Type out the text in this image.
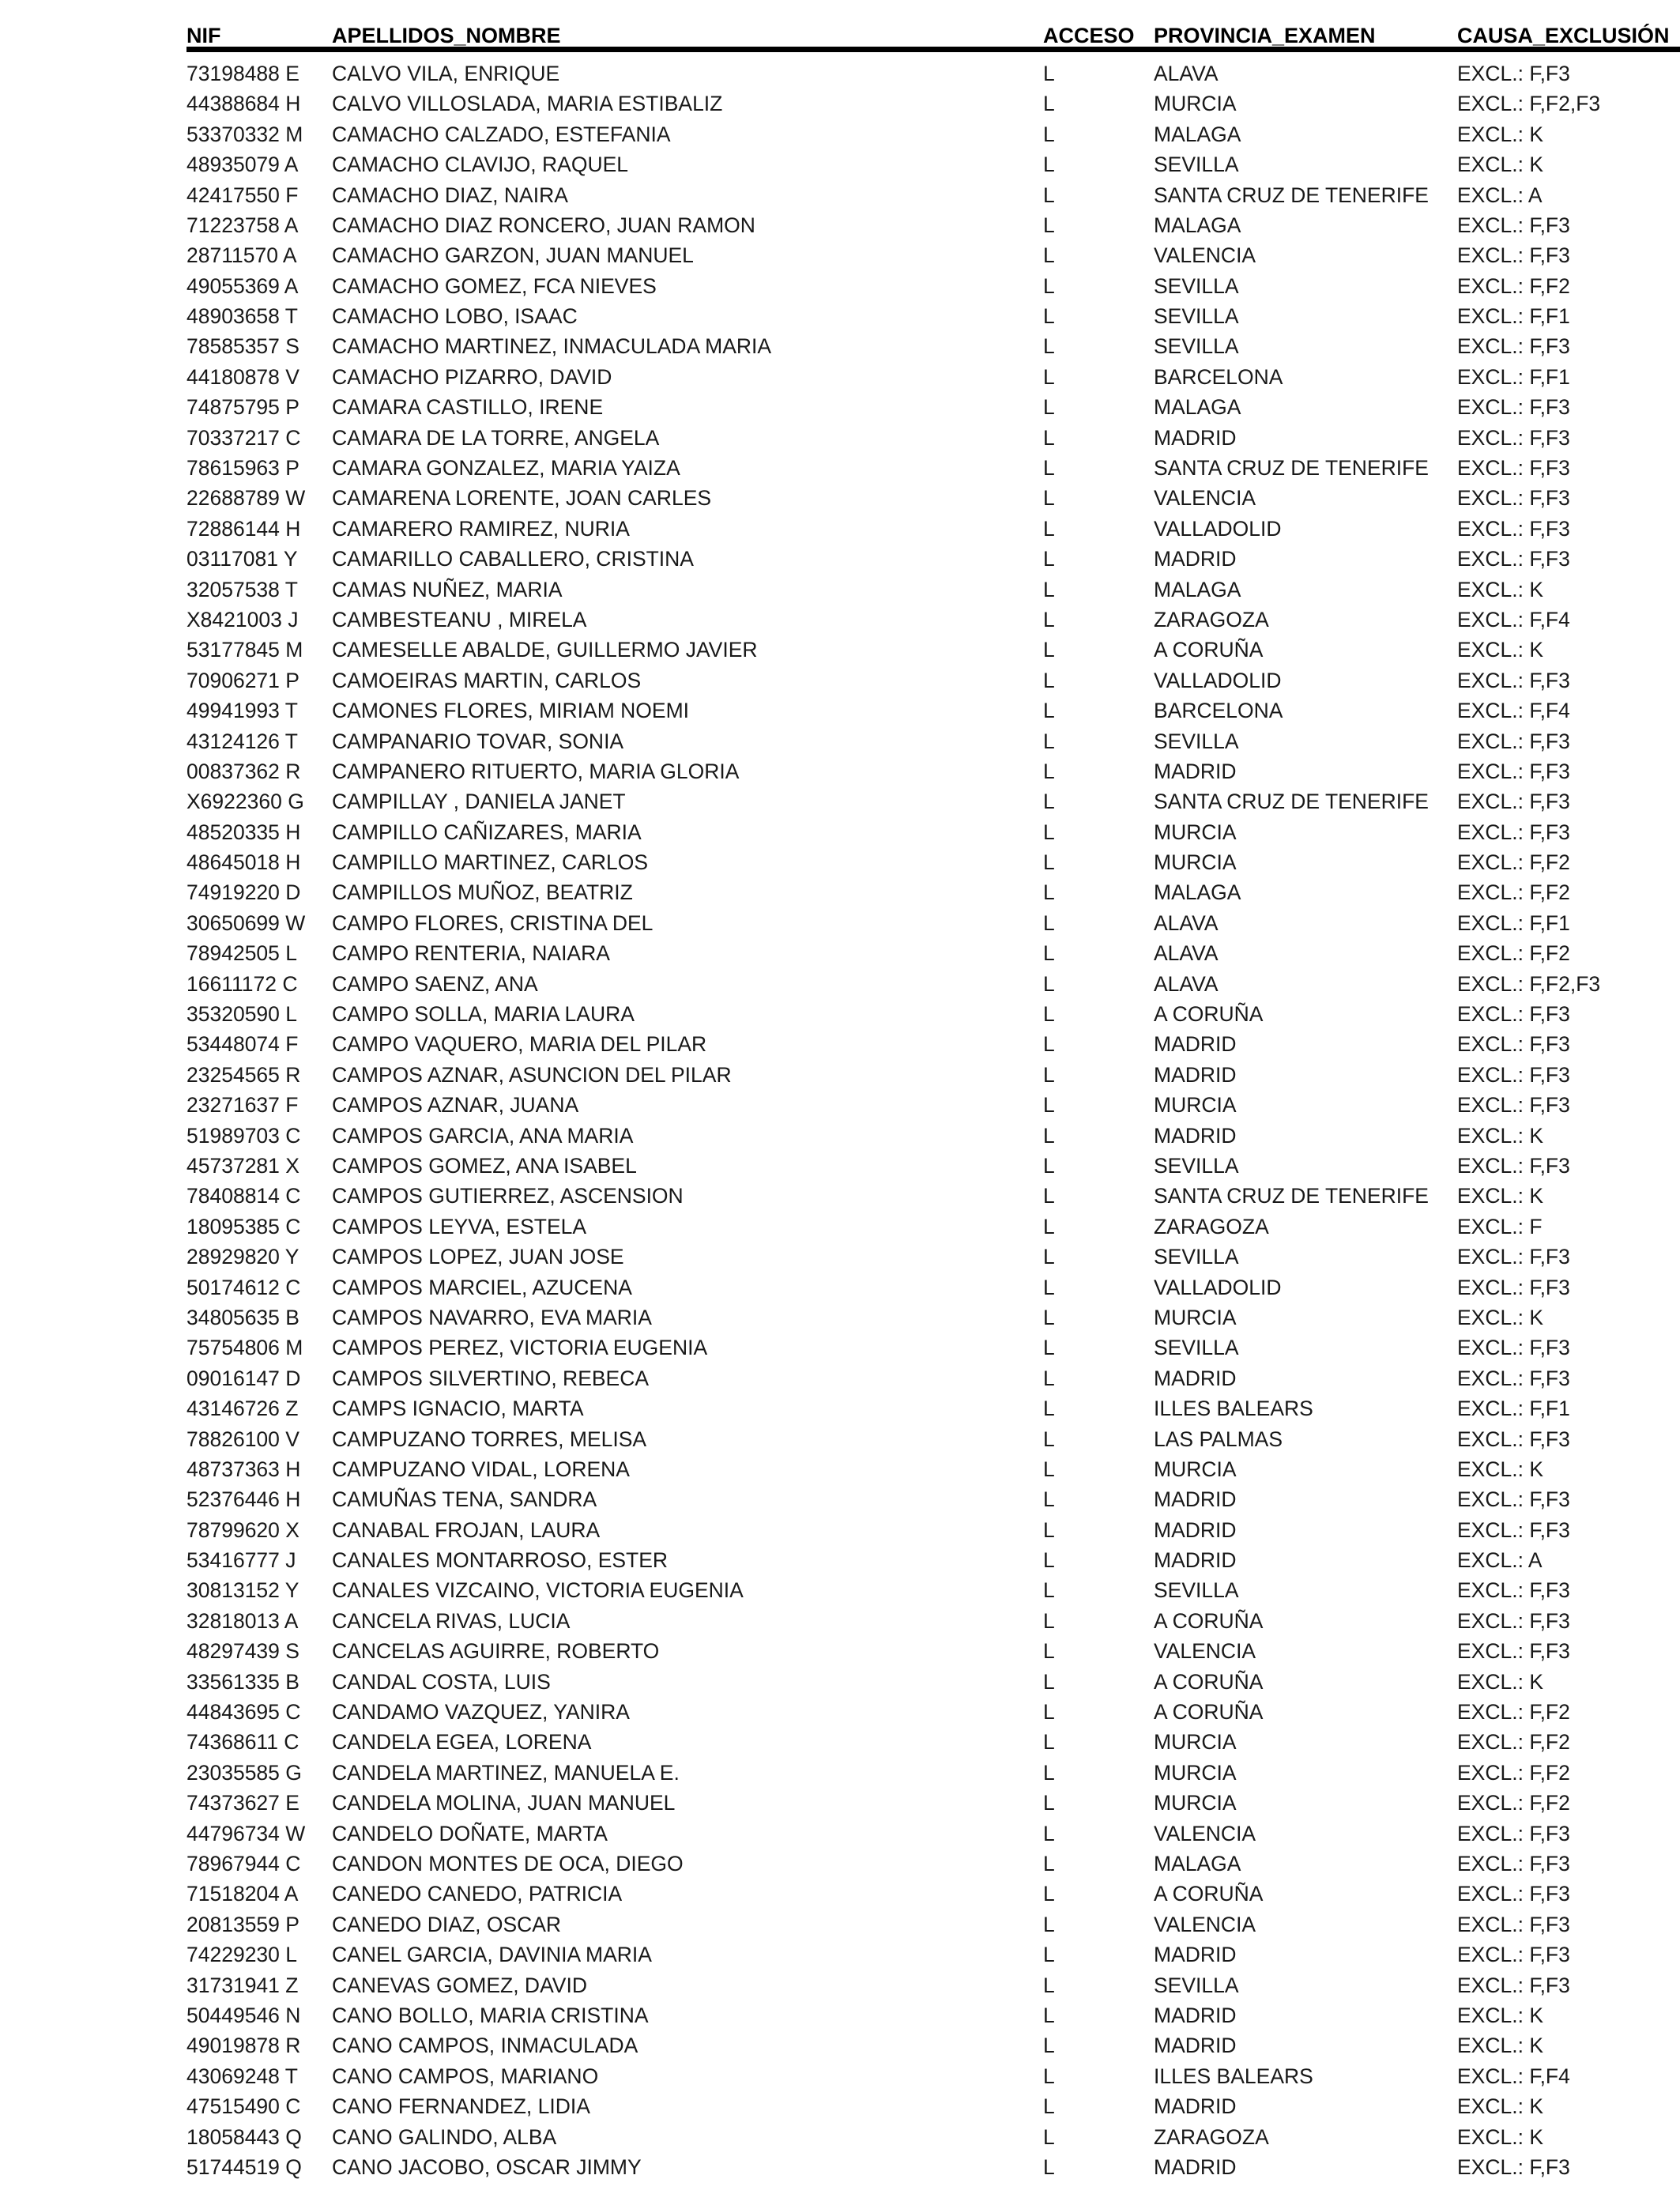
NIF	APELLIDOS_NOMBRE	ACCESO PROVINCIA_EXAMEN	CAUSA_EXCLUSIÓN
73198488 E	CALVO VILA, ENRIQUE	L	ALAVA	EXCL.: F,F3
44388684 H	CALVO VILLOSLADA, MARIA ESTIBALIZ	L	MURCIA	EXCL.: F,F2,F3
53370332 M	CAMACHO CALZADO, ESTEFANIA	L	MALAGA	EXCL.: K
48935079 A	CAMACHO CLAVIJO, RAQUEL	L	SEVILLA	EXCL.: K
42417550 F	CAMACHO DIAZ, NAIRA	L	SANTA CRUZ DE TENERIFE	EXCL.: A
71223758 A	CAMACHO DIAZ RONCERO, JUAN RAMON	L	MALAGA	EXCL.: F,F3
28711570 A	CAMACHO GARZON, JUAN MANUEL	L	VALENCIA	EXCL.: F,F3
49055369 A	CAMACHO GOMEZ, FCA NIEVES	L	SEVILLA	EXCL.: F,F2
48903658 T	CAMACHO LOBO, ISAAC	L	SEVILLA	EXCL.: F,F1
78585357 S	CAMACHO MARTINEZ, INMACULADA MARIA	L	SEVILLA	EXCL.: F,F3
44180878 V	CAMACHO PIZARRO, DAVID	L	BARCELONA	EXCL.: F,F1
74875795 P	CAMARA CASTILLO, IRENE	L	MALAGA	EXCL.: F,F3
70337217 C	CAMARA DE LA TORRE, ANGELA	L	MADRID	EXCL.: F,F3
78615963 P	CAMARA GONZALEZ, MARIA YAIZA	L	SANTA CRUZ DE TENERIFE	EXCL.: F,F3
22688789 W	CAMARENA LORENTE, JOAN CARLES	L	VALENCIA	EXCL.: F,F3
72886144 H	CAMARERO RAMIREZ, NURIA	L	VALLADOLID	EXCL.: F,F3
03117081 Y	CAMARILLO CABALLERO, CRISTINA	L	MADRID	EXCL.: F,F3
32057538 T	CAMAS NUÑEZ, MARIA	L	MALAGA	EXCL.: K
X8421003 J	CAMBESTEANU , MIRELA	L	ZARAGOZA	EXCL.: F,F4
53177845 M	CAMESELLE ABALDE, GUILLERMO JAVIER	L	A CORUÑA	EXCL.: K
70906271 P	CAMOEIRAS MARTIN, CARLOS	L	VALLADOLID	EXCL.: F,F3
49941993 T	CAMONES FLORES, MIRIAM NOEMI	L	BARCELONA	EXCL.: F,F4
43124126 T	CAMPANARIO TOVAR, SONIA	L	SEVILLA	EXCL.: F,F3
00837362 R	CAMPANERO RITUERTO, MARIA GLORIA	L	MADRID	EXCL.: F,F3
X6922360 G	CAMPILLAY , DANIELA JANET	L	SANTA CRUZ DE TENERIFE	EXCL.: F,F3
48520335 H	CAMPILLO CAÑIZARES, MARIA	L	MURCIA	EXCL.: F,F3
48645018 H	CAMPILLO MARTINEZ, CARLOS	L	MURCIA	EXCL.: F,F2
74919220 D	CAMPILLOS MUÑOZ, BEATRIZ	L	MALAGA	EXCL.: F,F2
30650699 W	CAMPO FLORES, CRISTINA DEL	L	ALAVA	EXCL.: F,F1
78942505 L	CAMPO RENTERIA, NAIARA	L	ALAVA	EXCL.: F,F2
16611172 C	CAMPO SAENZ, ANA	L	ALAVA	EXCL.: F,F2,F3
35320590 L	CAMPO SOLLA, MARIA LAURA	L	A CORUÑA	EXCL.: F,F3
53448074 F	CAMPO VAQUERO, MARIA DEL PILAR	L	MADRID	EXCL.: F,F3
23254565 R	CAMPOS AZNAR, ASUNCION DEL PILAR	L	MADRID	EXCL.: F,F3
23271637 F	CAMPOS AZNAR, JUANA	L	MURCIA	EXCL.: F,F3
51989703 C	CAMPOS GARCIA, ANA MARIA	L	MADRID	EXCL.: K
45737281 X	CAMPOS GOMEZ, ANA ISABEL	L	SEVILLA	EXCL.: F,F3
78408814 C	CAMPOS GUTIERREZ, ASCENSION	L	SANTA CRUZ DE TENERIFE	EXCL.: K
18095385 C	CAMPOS LEYVA, ESTELA	L	ZARAGOZA	EXCL.: F
28929820 Y	CAMPOS LOPEZ, JUAN JOSE	L	SEVILLA	EXCL.: F,F3
50174612 C	CAMPOS MARCIEL, AZUCENA	L	VALLADOLID	EXCL.: F,F3
34805635 B	CAMPOS NAVARRO, EVA MARIA	L	MURCIA	EXCL.: K
75754806 M	CAMPOS PEREZ, VICTORIA EUGENIA	L	SEVILLA	EXCL.: F,F3
09016147 D	CAMPOS SILVERTINO, REBECA	L	MADRID	EXCL.: F,F3
43146726 Z	CAMPS IGNACIO, MARTA	L	ILLES BALEARS	EXCL.: F,F1
78826100 V	CAMPUZANO TORRES, MELISA	L	LAS PALMAS	EXCL.: F,F3
48737363 H	CAMPUZANO VIDAL, LORENA	L	MURCIA	EXCL.: K
52376446 H	CAMUÑAS TENA, SANDRA	L	MADRID	EXCL.: F,F3
78799620 X	CANABAL FROJAN, LAURA	L	MADRID	EXCL.: F,F3
53416777 J	CANALES MONTARROSO, ESTER	L	MADRID	EXCL.: A
30813152 Y	CANALES VIZCAINO, VICTORIA EUGENIA	L	SEVILLA	EXCL.: F,F3
32818013 A	CANCELA RIVAS, LUCIA	L	A CORUÑA	EXCL.: F,F3
48297439 S	CANCELAS AGUIRRE, ROBERTO	L	VALENCIA	EXCL.: F,F3
33561335 B	CANDAL COSTA, LUIS	L	A CORUÑA	EXCL.: K
44843695 C	CANDAMO VAZQUEZ, YANIRA	L	A CORUÑA	EXCL.: F,F2
74368611 C	CANDELA EGEA, LORENA	L	MURCIA	EXCL.: F,F2
23035585 G	CANDELA MARTINEZ, MANUELA E.	L	MURCIA	EXCL.: F,F2
74373627 E	CANDELA MOLINA, JUAN MANUEL	L	MURCIA	EXCL.: F,F2
44796734 W	CANDELO DOÑATE, MARTA	L	VALENCIA	EXCL.: F,F3
78967944 C	CANDON MONTES DE OCA, DIEGO	L	MALAGA	EXCL.: F,F3
71518204 A	CANEDO CANEDO, PATRICIA	L	A CORUÑA	EXCL.: F,F3
20813559 P	CANEDO DIAZ, OSCAR	L	VALENCIA	EXCL.: F,F3
74229230 L	CANEL GARCIA, DAVINIA MARIA	L	MADRID	EXCL.: F,F3
31731941 Z	CANEVAS GOMEZ, DAVID	L	SEVILLA	EXCL.: F,F3
50449546 N	CANO BOLLO, MARIA CRISTINA	L	MADRID	EXCL.: K
49019878 R	CANO CAMPOS, INMACULADA	L	MADRID	EXCL.: K
43069248 T	CANO CAMPOS, MARIANO	L	ILLES BALEARS	EXCL.: F,F4
47515490 C	CANO FERNANDEZ, LIDIA	L	MADRID	EXCL.: K
18058443 Q	CANO GALINDO, ALBA	L	ZARAGOZA	EXCL.: K
51744519 Q	CANO JACOBO, OSCAR JIMMY	L	MADRID	EXCL.: F,F3
